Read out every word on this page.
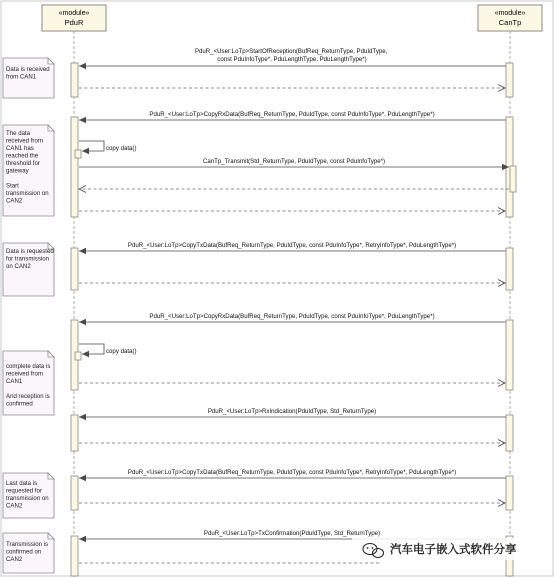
«module»
PduR
«module»
CanTp
PduR_<User:LoTp>StartOfReception(BufReq_ReturnType, PduIdType, const PduInfoType*, PduLengthType, PduLengthType*)
PduR_<User:LoTp>CopyRxData(BufReq_ReturnType, PduIdType, const PduInfoType*, PduLengthType*)
copy data()
CanTp_Transmit(Std_ReturnType, PduIdType, const PduInfoType*)
PduR_<User:LoTp>CopyTxData(BufReq_ReturnType, PduIdType, const PduInfoType*, RetryInfoType*, PduLengthType*)
PduR_<User:LoTp>CopyRxData(BufReq_ReturnType, PduIdType, const PduInfoType*, PduLengthType*)
copy data()
PduR_<User:LoTp>RxIndication(PduIdType, Std_ReturnType)
PduR_<User:LoTp>CopyTxData(BufReq_ReturnType, PduIdType, const PduInfoType*, RetryInfoType*, PduLengthType*)
PduR_<User:LoTp>TxConfirmation(PduIdType, Std_ReturnType)
Data is received from CAN1
The data received from CAN1 has reached the threshold for gateway Start transmission on CAN2
Data is requested for transmission on CAN2
complete data is received from CAN1 And reception is confirmed
Last data is requested for transmission on CAN2
Transmission is confirmed on CAN2
汽车电子嵌入式软件分享
